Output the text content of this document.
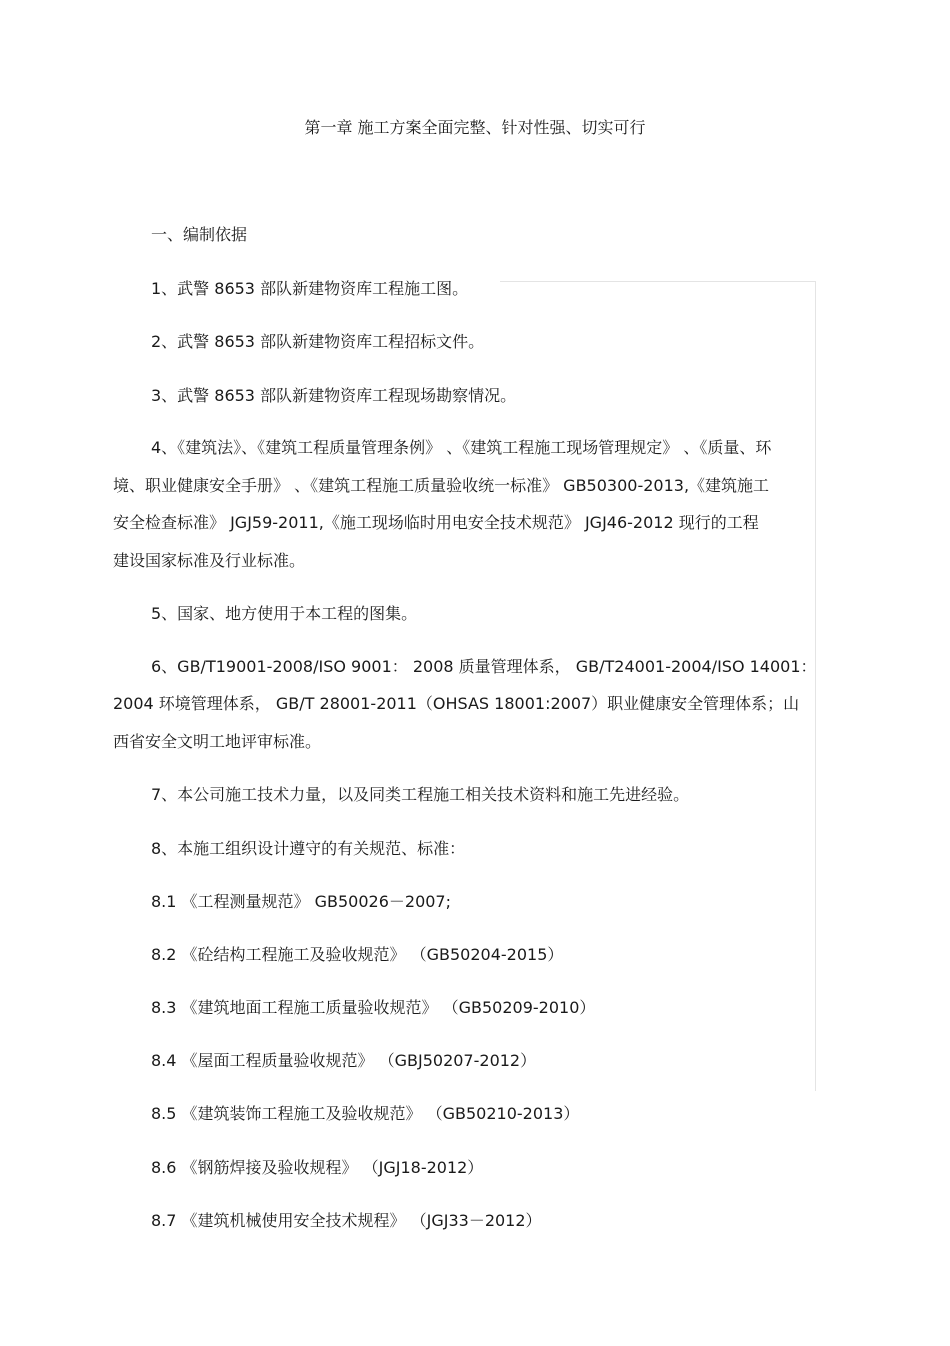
第一章 施工方案全面完整、针对性强、切实可行
一、编制依据
1、武警 8653 部队新建物资库工程施工图。
2、武警 8653 部队新建物资库工程招标文件。
3、武警 8653 部队新建物资库工程现场勘察情况。
4、《建筑法》、《建筑工程质量管理条例》 、《建筑工程施工现场管理规定》 、《质量、环
境、职业健康安全手册》 、《建筑工程施工质量验收统一标准》 GB50300-2013,《建筑施工
安全检查标准》 JGJ59-2011,《施工现场临时用电安全技术规范》 JGJ46-2012 现行的工程
建设国家标准及行业标准。
5、国家、地方使用于本工程的图集。
6、GB/T19001-2008/ISO 9001： 2008 质量管理体系， GB/T24001-2004/ISO 14001：
2004 环境管理体系， GB/T 28001-2011（OHSAS 18001:2007）职业健康安全管理体系；山
西省安全文明工地评审标准。
7、本公司施工技术力量，以及同类工程施工相关技术资料和施工先进经验。
8、本施工组织设计遵守的有关规范、标准：
8.1 《工程测量规范》 GB50026－2007;
8.2 《砼结构工程施工及验收规范》 （GB50204-2015）
8.3 《建筑地面工程施工质量验收规范》 （GB50209-2010）
8.4 《屋面工程质量验收规范》 （GBJ50207-2012）
8.5 《建筑装饰工程施工及验收规范》 （GB50210-2013）
8.6 《钢筋焊接及验收规程》 （JGJ18-2012）
8.7 《建筑机械使用安全技术规程》 （JGJ33－2012）
